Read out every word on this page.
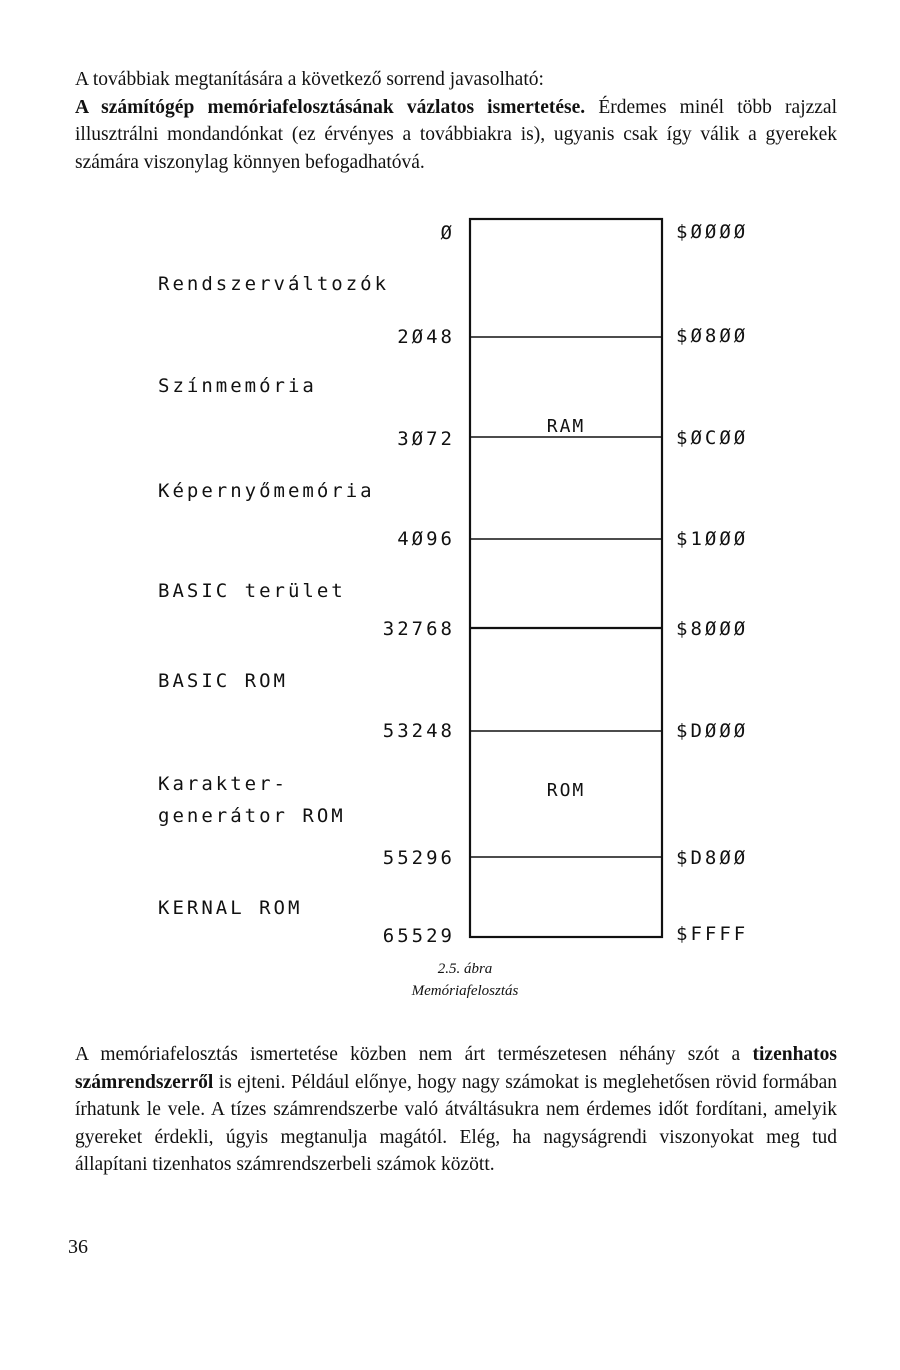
A továbbiak megtanítására a következő sorrend javasolható:
A számítógép memóriafelosztásának vázlatos ismertetése. Érdemes minél több rajzzal illusztrálni mondandónkat (ez érvényes a továbbiakra is), ugyanis csak így válik a gyerekek számára viszonylag könnyen befogadhatóvá.

Ø
2Ø48
3Ø72
4Ø96
32768
53248
55296
65529
$ØØØØ
$Ø8ØØ
$ØCØØ
$1ØØØ
$8ØØØ
$DØØØ
$D8ØØ
$FFFF
Rendszerváltozók
Színmemória
Képernyőmemória
BASIC terület
BASIC ROM
Karakter-
generátor ROM
KERNAL ROM
RAM
ROM
2.5. ábra
Memóriafelosztás

A memóriafelosztás ismertetése közben nem árt természetesen néhány szót a tizenhatos számrendszerről is ejteni. Például előnye, hogy nagy számokat is meglehetősen rövid formában írhatunk le vele. A tízes számrendszerbe való átváltásukra nem érdemes időt fordítani, amelyik gyereket érdekli, úgyis megtanulja magától. Elég, ha nagyságrendi viszonyokat meg tud állapítani tizenhatos számrendszerbeli számok között.

36
